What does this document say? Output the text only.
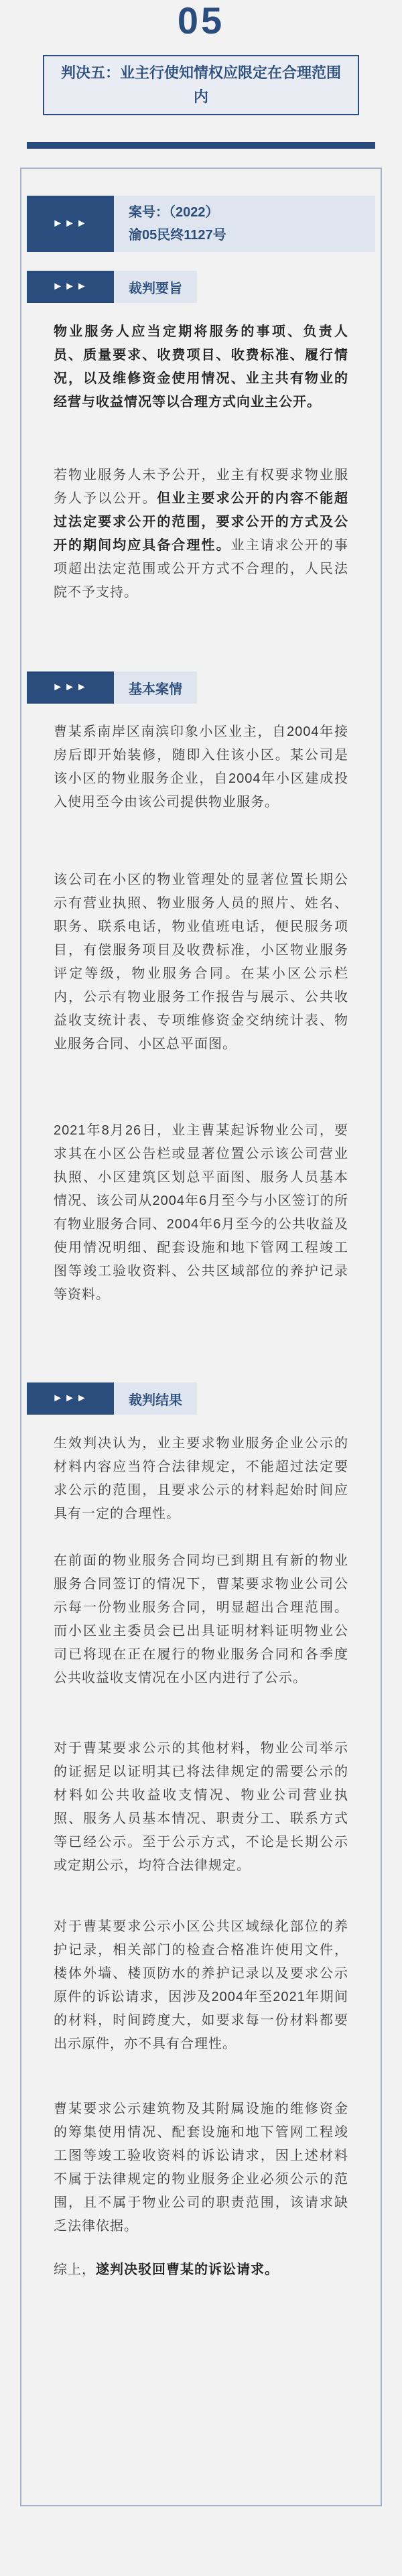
05
判决五：业主行使知情权应限定在合理范围内
►►►
案号：（2022）
渝05民终1127号
►►►	裁判要旨
物业服务人应当定期将服务的事项、负责人员、质量要求、收费项目、收费标准、履行情况，以及维修资金使用情况、业主共有物业的经营与收益情况等以合理方式向业主公开。
若物业服务人未予公开，业主有权要求物业服务人予以公开。但业主要求公开的内容不能超过法定要求公开的范围，要求公开的方式及公开的期间均应具备合理性。业主请求公开的事项超出法定范围或公开方式不合理的，人民法院不予支持。
►►►	基本案情
曹某系南岸区南滨印象小区业主，自2004年接房后即开始装修，随即入住该小区。某公司是该小区的物业服务企业，自2004年小区建成投入使用至今由该公司提供物业服务。
该公司在小区的物业管理处的显著位置长期公示有营业执照、物业服务人员的照片、姓名、职务、联系电话，物业值班电话，便民服务项目，有偿服务项目及收费标准，小区物业服务评定等级，物业服务合同。在某小区公示栏内，公示有物业服务工作报告与展示、公共收益收支统计表、专项维修资金交纳统计表、物业服务合同、小区总平面图。
2021年8月26日，业主曹某起诉物业公司，要求其在小区公告栏或显著位置公示该公司营业执照、小区建筑区划总平面图、服务人员基本情况、该公司从2004年6月至今与小区签订的所有物业服务合同、2004年6月至今的公共收益及使用情况明细、配套设施和地下管网工程竣工图等竣工验收资料、公共区域部位的养护记录等资料。
►►►	裁判结果
生效判决认为，业主要求物业服务企业公示的材料内容应当符合法律规定，不能超过法定要求公示的范围，且要求公示的材料起始时间应具有一定的合理性。
在前面的物业服务合同均已到期且有新的物业服务合同签订的情况下，曹某要求物业公司公示每一份物业服务合同，明显超出合理范围。而小区业主委员会已出具证明材料证明物业公司已将现在正在履行的物业服务合同和各季度公共收益收支情况在小区内进行了公示。
对于曹某要求公示的其他材料，物业公司举示的证据足以证明其已将法律规定的需要公示的材料如公共收益收支情况、物业公司营业执照、服务人员基本情况、职责分工、联系方式等已经公示。至于公示方式，不论是长期公示或定期公示，均符合法律规定。
对于曹某要求公示小区公共区域绿化部位的养护记录，相关部门的检查合格准许使用文件，楼体外墙、楼顶防水的养护记录以及要求公示原件的诉讼请求，因涉及2004年至2021年期间的材料，时间跨度大，如要求每一份材料都要出示原件，亦不具有合理性。
曹某要求公示建筑物及其附属设施的维修资金的筹集使用情况、配套设施和地下管网工程竣工图等竣工验收资料的诉讼请求，因上述材料不属于法律规定的物业服务企业必须公示的范围，且不属于物业公司的职责范围，该请求缺乏法律依据。
综上，遂判决驳回曹某的诉讼请求。
